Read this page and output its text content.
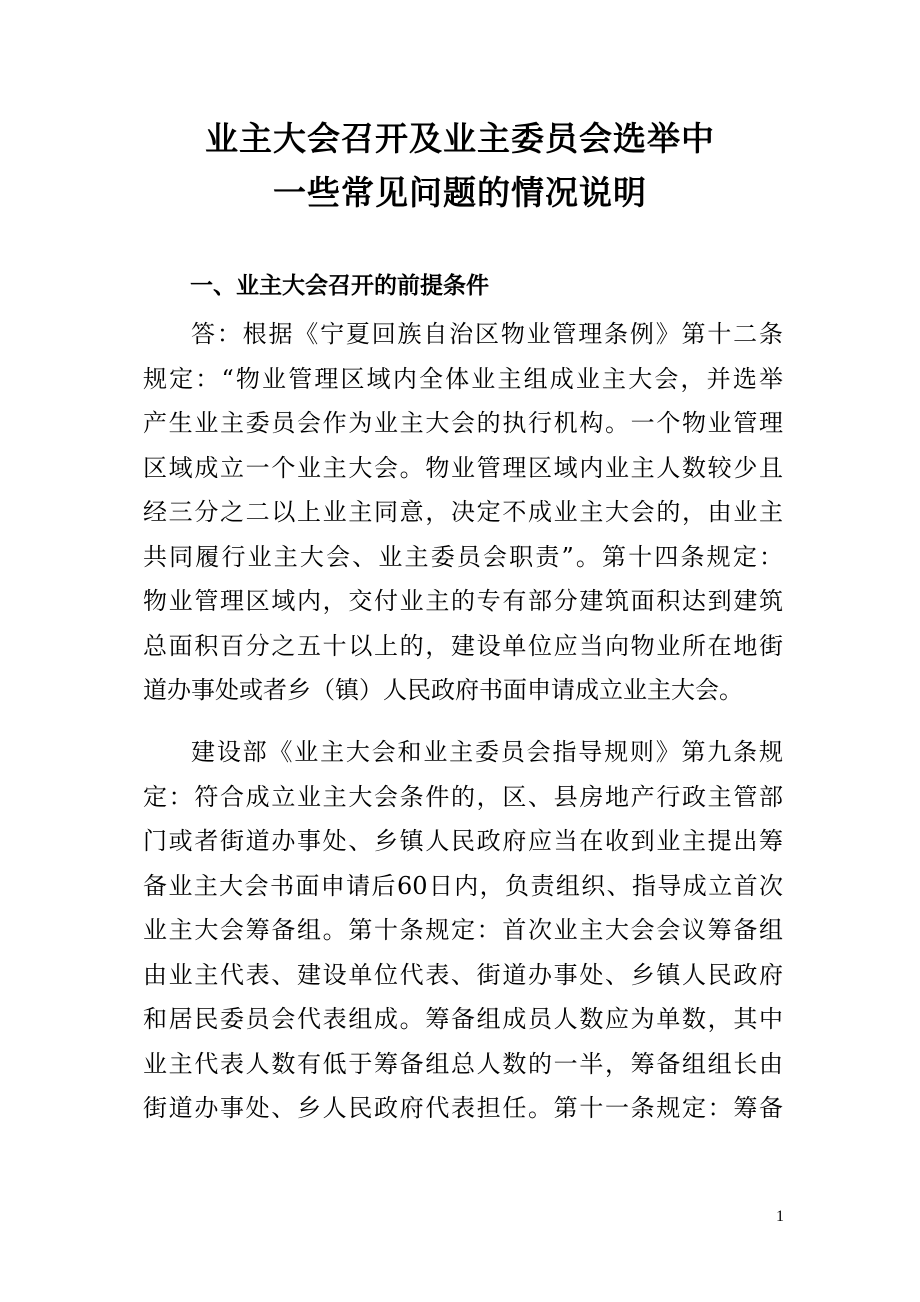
业主大会召开及业主委员会选举中
一些常见问题的情况说明
一、业主大会召开的前提条件
答：根据《宁夏回族自治区物业管理条例》第十二条
规定：“物业管理区域内全体业主组成业主大会，并选举
产生业主委员会作为业主大会的执行机构。一个物业管理
区域成立一个业主大会。物业管理区域内业主人数较少且
经三分之二以上业主同意，决定不成业主大会的，由业主
共同履行业主大会、业主委员会职责”。第十四条规定：
物业管理区域内，交付业主的专有部分建筑面积达到建筑
总面积百分之五十以上的，建设单位应当向物业所在地街
道办事处或者乡（镇）人民政府书面申请成立业主大会。
建设部《业主大会和业主委员会指导规则》第九条规
定：符合成立业主大会条件的，区、县房地产行政主管部
门或者街道办事处、乡镇人民政府应当在收到业主提出筹
备业主大会书面申请后60日内，负责组织、指导成立首次
业主大会筹备组。第十条规定：首次业主大会会议筹备组
由业主代表、建设单位代表、街道办事处、乡镇人民政府
和居民委员会代表组成。筹备组成员人数应为单数，其中
业主代表人数有低于筹备组总人数的一半，筹备组组长由
街道办事处、乡人民政府代表担任。第十一条规定：筹备
1
